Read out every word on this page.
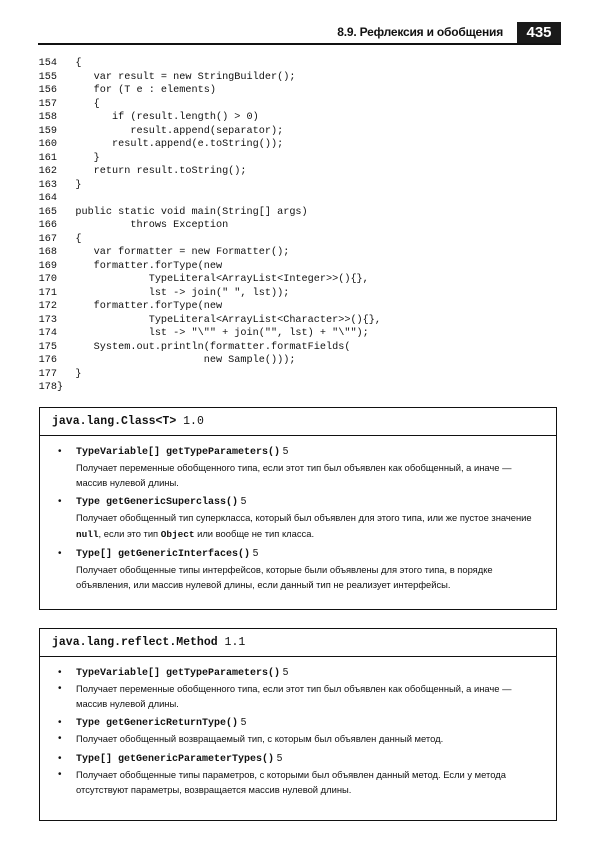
8.9. Рефлексия и обобщения	435
154   {
155      var result = new StringBuilder();
156      for (T e : elements)
157      {
158         if (result.length() > 0)
159            result.append(separator);
160         result.append(e.toString());
161      }
162      return result.toString();
163   }
164
165   public static void main(String[] args)
166            throws Exception
167   {
168      var formatter = new Formatter();
169      formatter.forType(new
170               TypeLiteral<ArrayList<Integer>>(){},
171               lst -> join(" ", lst));
172      formatter.forType(new
173               TypeLiteral<ArrayList<Character>>(){},
174               lst -> "\"" + join("", lst) + "\"");
175      System.out.println(formatter.formatFields(
176                        new Sample()));
177   }
178}
java.lang.Class<T> 1.0
• TypeVariable[] getTypeParameters() 5
Получает переменные обобщенного типа, если этот тип был объявлен как обобщенный, а иначе — массив нулевой длины.
• Type getGenericSuperclass() 5
Получает обобщенный тип суперкласса, который был объявлен для этого типа, или же пустое значение null, если это тип Object или вообще не тип класса.
• Type[] getGenericInterfaces() 5
Получает обобщенные типы интерфейсов, которые были объявлены для этого типа, в порядке объявления, или массив нулевой длины, если данный тип не реализует интерфейсы.
java.lang.reflect.Method 1.1
• TypeVariable[] getTypeParameters() 5
• Получает переменные обобщенного типа, если этот тип был объявлен как обобщенный, а иначе — массив нулевой длины.
• Type getGenericReturnType() 5
• Получает обобщенный возвращаемый тип, с которым был объявлен данный метод.
• Type[] getGenericParameterTypes() 5
• Получает обобщенные типы параметров, с которыми был объявлен данный метод. Если у метода отсутствуют параметры, возвращается массив нулевой длины.
